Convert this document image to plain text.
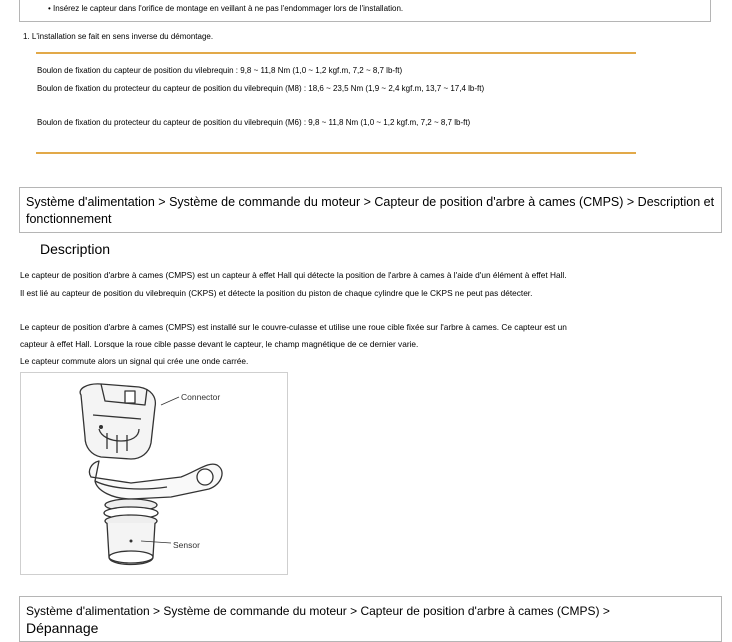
• Insérez le capteur dans l'orifice de montage en veillant à ne pas l'endommager lors de l'installation.
1. L'installation se fait en sens inverse du démontage.
Boulon de fixation du capteur de position du vilebrequin : 9,8 ~ 11,8 Nm (1,0 ~ 1,2 kgf.m, 7,2 ~ 8,7 lb-ft)
Boulon de fixation du protecteur du capteur de position du vilebrequin (M8) : 18,6 ~ 23,5 Nm (1,9 ~ 2,4 kgf.m, 13,7 ~ 17,4 lb-ft)
Boulon de fixation du protecteur du capteur de position du vilebrequin (M6) : 9,8 ~ 11,8 Nm (1,0 ~ 1,2 kgf.m, 7,2 ~ 8,7 lb-ft)
Système d'alimentation > Système de commande du moteur > Capteur de position d'arbre à cames (CMPS) > Description et fonctionnement
Description
Le capteur de position d'arbre à cames (CMPS) est un capteur à effet Hall qui détecte la position de l'arbre à cames à l'aide d'un élément à effet Hall.
Il est lié au capteur de position du vilebrequin (CKPS) et détecte la position du piston de chaque cylindre que le CKPS ne peut pas détecter.
Le capteur de position d'arbre à cames (CMPS) est installé sur le couvre-culasse et utilise une roue cible fixée sur l'arbre à cames. Ce capteur est un
capteur à effet Hall. Lorsque la roue cible passe devant le capteur, le champ magnétique de ce dernier varie.
Le capteur commute alors un signal qui crée une onde carrée.
Connector
Sensor
Système d'alimentation > Système de commande du moteur > Capteur de position d'arbre à cames (CMPS) >
Dépannage
